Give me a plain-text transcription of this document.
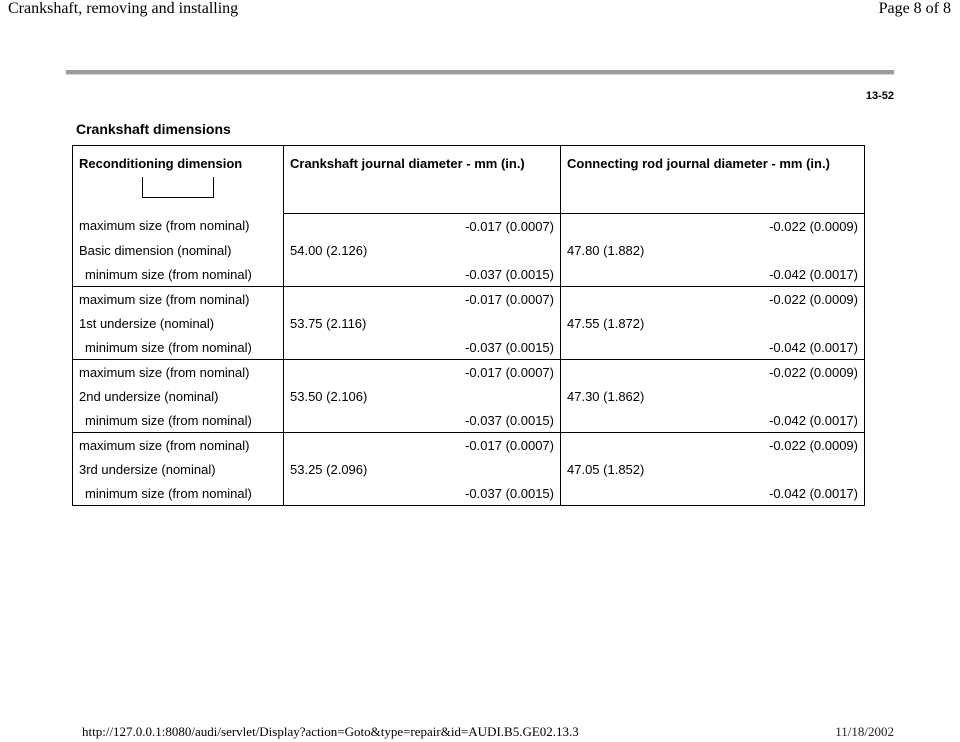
Crankshaft, removing and installing	Page 8 of 8
13-52
Crankshaft dimensions
Reconditioning dimension	Crankshaft journal diameter - mm (in.)	Connecting rod journal diameter - mm (in.)
maximum size (from nominal)	-0.017 (0.0007)	-0.022 (0.0009)
Basic dimension (nominal)	54.00 (2.126)	47.80 (1.882)
minimum size (from nominal)	-0.037 (0.0015)	-0.042 (0.0017)
maximum size (from nominal)	-0.017 (0.0007)	-0.022 (0.0009)
1st undersize (nominal)	53.75 (2.116)	47.55 (1.872)
minimum size (from nominal)	-0.037 (0.0015)	-0.042 (0.0017)
maximum size (from nominal)	-0.017 (0.0007)	-0.022 (0.0009)
2nd undersize (nominal)	53.50 (2.106)	47.30 (1.862)
minimum size (from nominal)	-0.037 (0.0015)	-0.042 (0.0017)
maximum size (from nominal)	-0.017 (0.0007)	-0.022 (0.0009)
3rd undersize (nominal)	53.25 (2.096)	47.05 (1.852)
minimum size (from nominal)	-0.037 (0.0015)	-0.042 (0.0017)
http://127.0.0.1:8080/audi/servlet/Display?action=Goto&type=repair&id=AUDI.B5.GE02.13.3	11/18/2002
